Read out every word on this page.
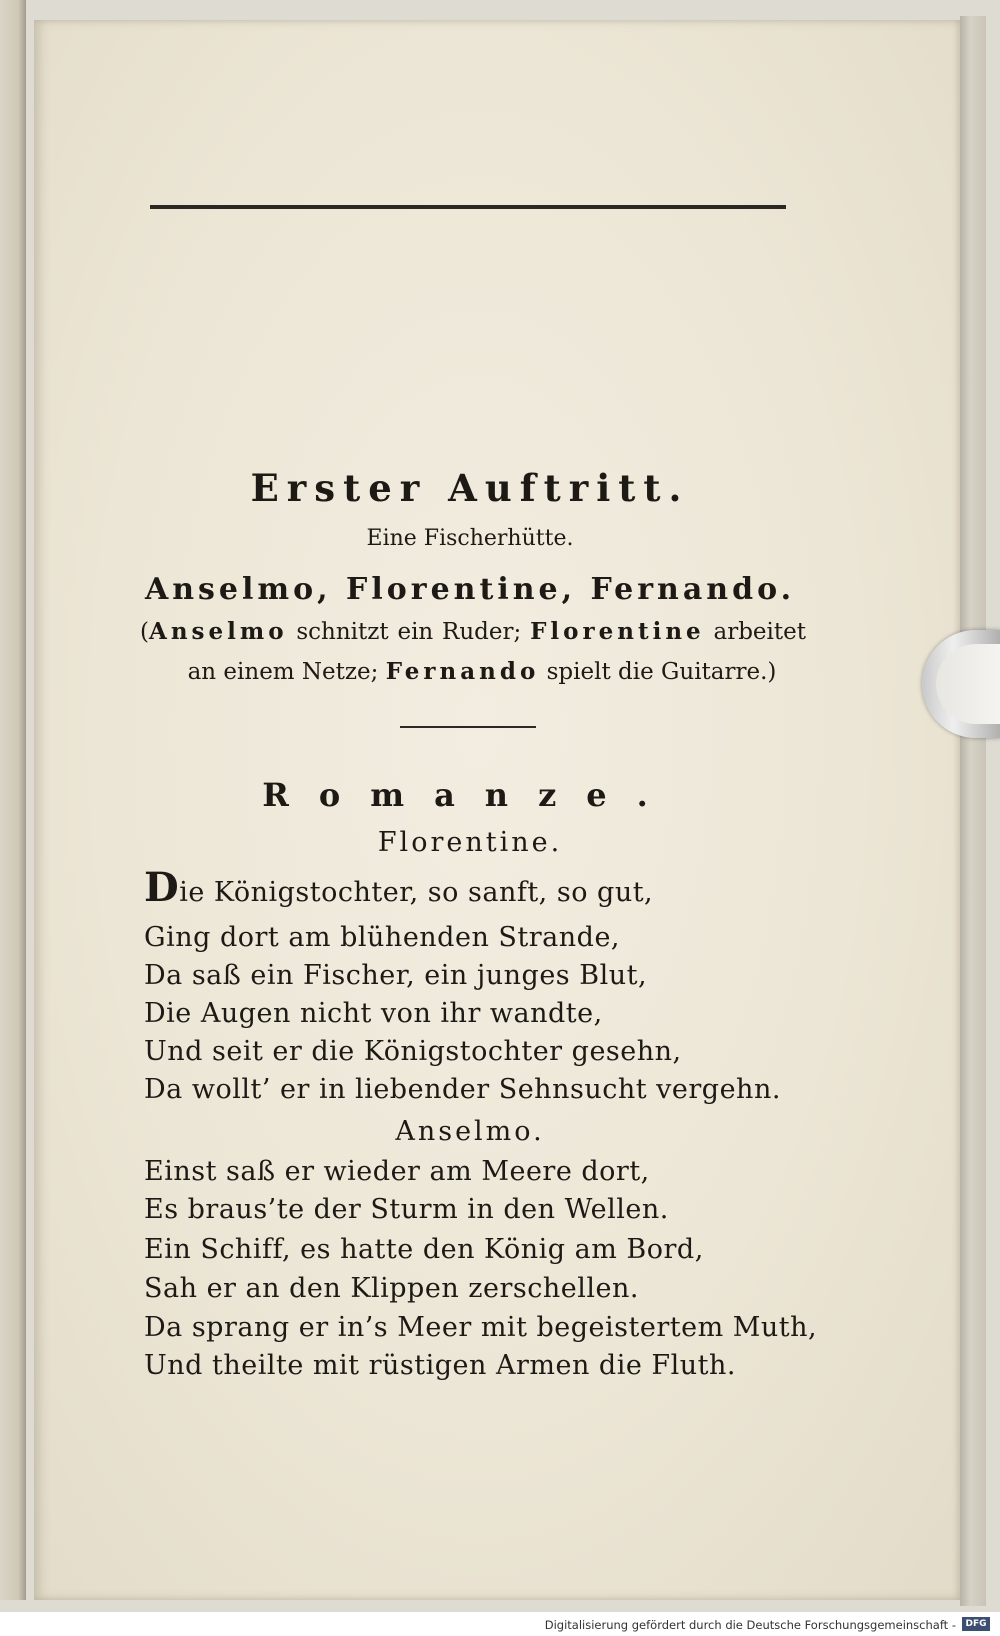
Erster Auftritt.
Eine Fischerhütte.
Anselmo, Florentine, Fernando.
(Anselmo schnitzt ein Ruder; Florentine arbeitet
an einem Netze; Fernando spielt die Guitarre.)
Romanze.
Florentine.
Die Königstochter, so sanft, so gut,
Ging dort am blühenden Strande,
Da saß ein Fischer, ein junges Blut,
Die Augen nicht von ihr wandte,
Und seit er die Königstochter gesehn,
Da wollt’ er in liebender Sehnsucht vergehn.
Anselmo.
Einst saß er wieder am Meere dort,
Es braus’te der Sturm in den Wellen.
Ein Schiff, es hatte den König am Bord,
Sah er an den Klippen zerschellen.
Da sprang er in’s Meer mit begeistertem Muth,
Und theilte mit rüstigen Armen die Fluth.
Digitalisierung gefördert durch die Deutsche Forschungsgemeinschaft -	DFG
